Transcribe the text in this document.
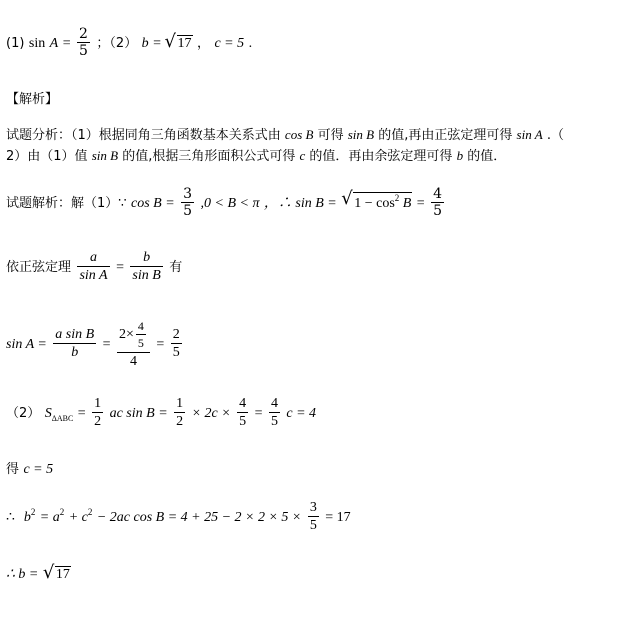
(1) $\sin A = \frac{2}{5}$ ；（2） b = √ 17 ， c = 5 .
【解析】
试题分析：（1）根据同角三角函数基本关系式由 cos B 可得 sin B 的值,再由正弦定理可得 sin A .（
2）由（1）值 sin B 的值,根据三角形面积公式可得 c 的值．再由余弦定理可得 b 的值．
试题解析：解（1）∵ $\cos B = \frac{3}{5} ,0 < B < \pi$ ，∴ sin B = √ $1 - \cos^2 B = \frac{4}{5}$
依正弦定理 $\frac{a}{\text{sin A}} = \frac{b}{\text{sin B}}$ 有
$\sin A = \frac{\text{a sin B}}{b} = \frac{2\times \frac{4}{5}}{4} = \frac{2}{5}$
（2） $S_{\Delta ABC} = \frac{1}{2}$ ac $\sin B = \frac{1}{2} \times 2c \times \frac{4}{5} = \frac{4}{5}$ c = 4
得 c = 5
∴ $b^2 = a^2 + c^2 - 2ac$ $\cos B = 4 + 25 - 2 \times 2 \times 5 \times \frac{3}{5} = 17$
∴ b = √ 17
